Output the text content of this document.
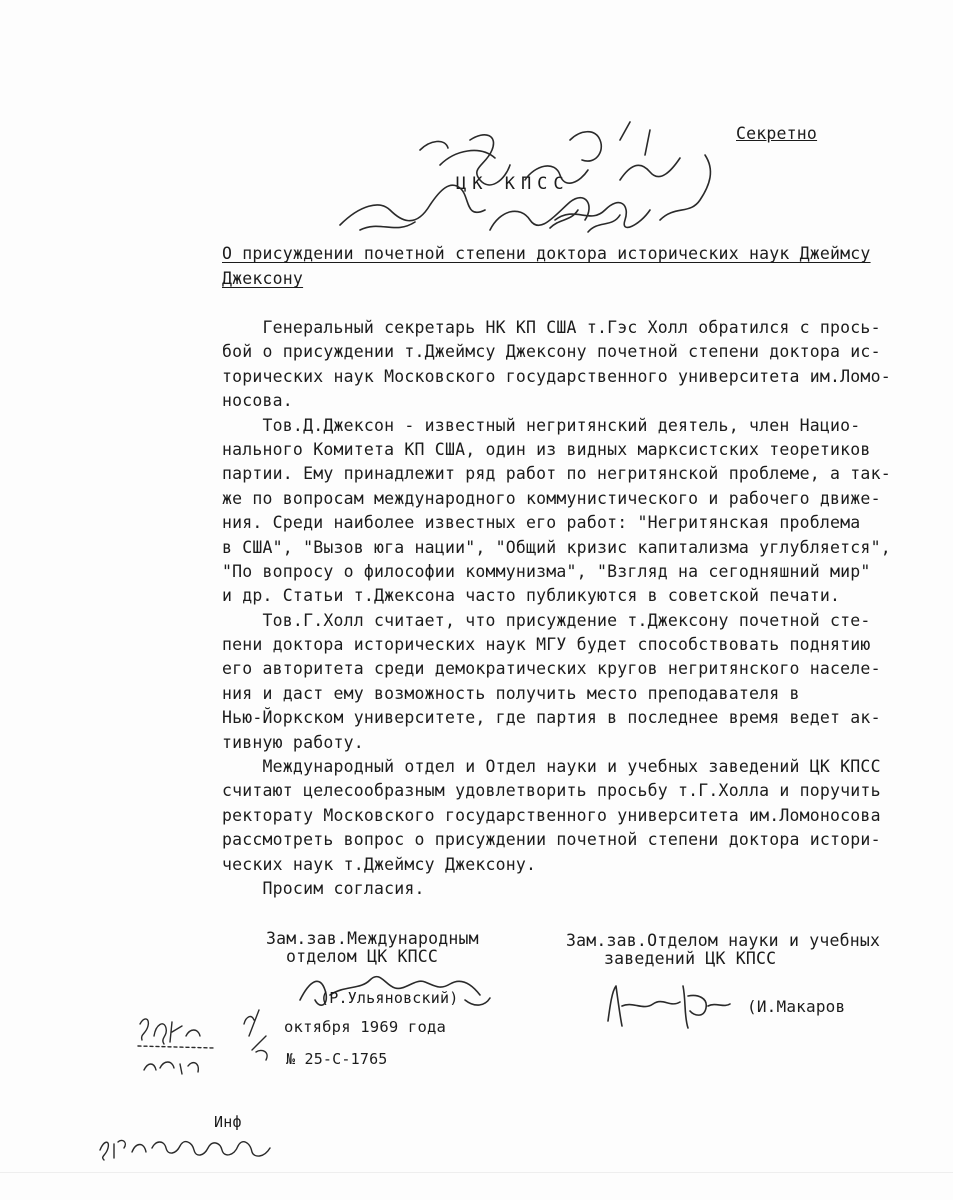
Секретно
ЦК КПСС
О присуждении почетной степени доктора исторических наук Джеймсу
Джексону
Генеральный секретарь НК КП США т.Гэс Холл обратился с прось-
бой о присуждении т.Джеймсу Джексону почетной степени доктора ис-
торических наук Московского государственного университета им.Ломо-
носова.
Тов.Д.Джексон - известный негритянский деятель, член Нацио-
нального Комитета КП США, один из видных марксистских теоретиков
партии. Ему принадлежит ряд работ по негритянской проблеме, а так-
же по вопросам международного коммунистического и рабочего движе-
ния. Среди наиболее известных его работ: "Негритянская проблема
в США", "Вызов юга нации", "Общий кризис капитализма углубляется",
"По вопросу о философии коммунизма", "Взгляд на сегодняшний мир"
и др. Статьи т.Джексона часто публикуются в советской печати.
Тов.Г.Холл считает, что присуждение т.Джексону почетной сте-
пени доктора исторических наук МГУ будет способствовать поднятию
его авторитета среди демократических кругов негритянского населе-
ния и даст ему возможность получить место преподавателя в
Нью-Йоркском университете, где партия в последнее время ведет ак-
тивную работу.
Международный отдел и Отдел науки и учебных заведений ЦК КПСС
считают целесообразным удовлетворить просьбу т.Г.Холла и поручить
ректорату Московского государственного университета им.Ломоносова
рассмотреть вопрос о присуждении почетной степени доктора истори-
ческих наук т.Джеймсу Джексону.
Просим согласия.
Зам.зав.Международным
отделом ЦК КПСС
(Р.Ульяновский)
Зам.зав.Отделом науки и учебных
заведений ЦК КПСС
(И.Макаров
октября 1969 года
№ 25-С-1765
Инф
